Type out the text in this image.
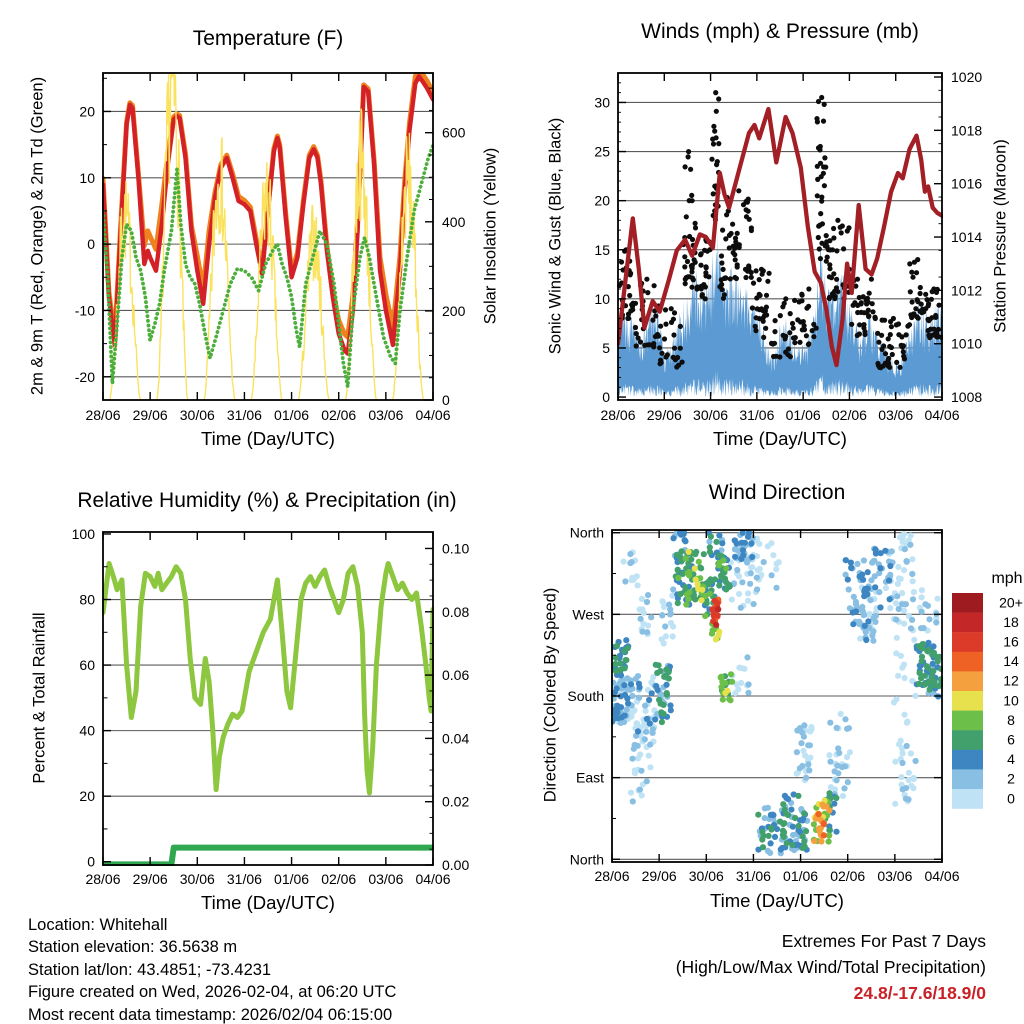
28/06 29/06 30/06 31/06 01/06 02/06 03/06 04/06
-20
-10
0
10
20
0
200
400
600
28/06 29/06 30/06 31/06 01/06 02/06 03/06 04/06
0
5
10
15
20
25
30
1008
1010
1012
1014
1016
1018
1020
28/06 29/06 30/06 31/06 01/06 02/06 03/06 04/06
0
20
40
60
80
100
0.00
0.02
0.04
0.06
0.08
0.10
28/06 29/06 30/06 31/06 01/06 02/06 03/06 04/06
North
West
South
East
North
20+
18
16
14
12
10
8
6
4
2
0
Temperature (F)	Winds (mph) & Pressure (mb)
Relative Humidity (%) & Precipitation (in)	Wind Direction
Time (Day/UTC)	Time (Day/UTC)
Time (Day/UTC)	Time (Day/UTC)
2m & 9m T (Red, Orange) & 2m Td (Green)	Solar Insolation (Yellow)	Sonic Wind & Gust (Blue, Black)	Station Pressure (Maroon)
Percent & Total Rainfall	Direction (Colored By Speed)
mph
Location: Whitehall
Station elevation: 36.5638 m
Station lat/lon: 43.4851; -73.4231
Figure created on Wed, 2026-02-04, at 06:20 UTC
Most recent data timestamp: 2026/02/04 06:15:00
Extremes For Past 7 Days
(High/Low/Max Wind/Total Precipitation)
24.8/-17.6/18.9/0
